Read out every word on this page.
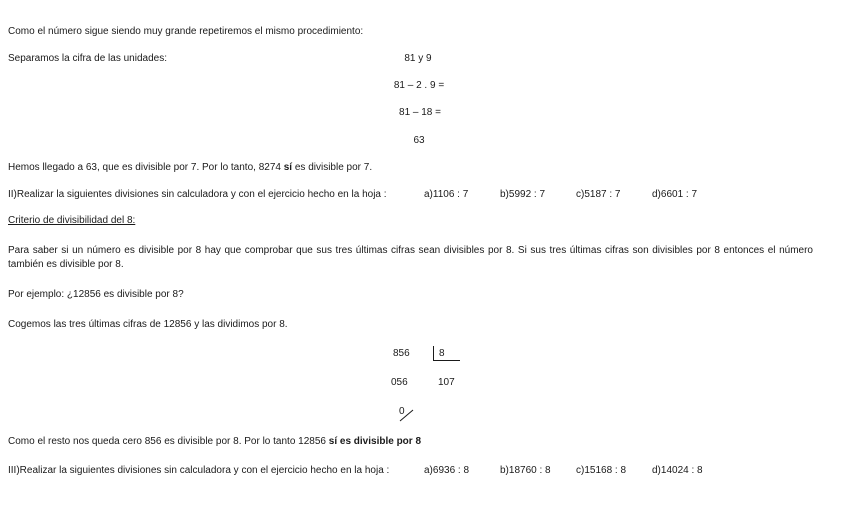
Como el número sigue siendo muy grande repetiremos el mismo procedimiento:
Separamos la cifra de las unidades:	81 y 9
81 – 2 . 9 =
81 – 18 =
63
Hemos llegado a 63, que es divisible por 7. Por lo tanto, 8274 sí es divisible por 7.
II)Realizar la siguientes divisiones sin calculadora y con el ejercicio hecho en la hoja :	a)1106 : 7	b)5992 : 7	c)5187 : 7	d)6601 : 7
Criterio de divisibilidad del 8:
Para saber si un número es divisible por 8 hay que comprobar que sus tres últimas cifras sean divisibles por 8. Si sus tres últimas cifras son divisibles por 8 entonces el número también es divisible por 8.
Por ejemplo: ¿12856 es divisible por 8?
Cogemos las tres últimas cifras de 12856 y las dividimos por 8.
856	8
056	107
0
Como el resto nos queda cero 856 es divisible por 8. Por lo tanto 12856 sí es divisible por 8
III)Realizar la siguientes divisiones sin calculadora y con el ejercicio hecho en la hoja :	a)6936 : 8	b)18760 : 8	c)15168 : 8	d)14024 : 8
